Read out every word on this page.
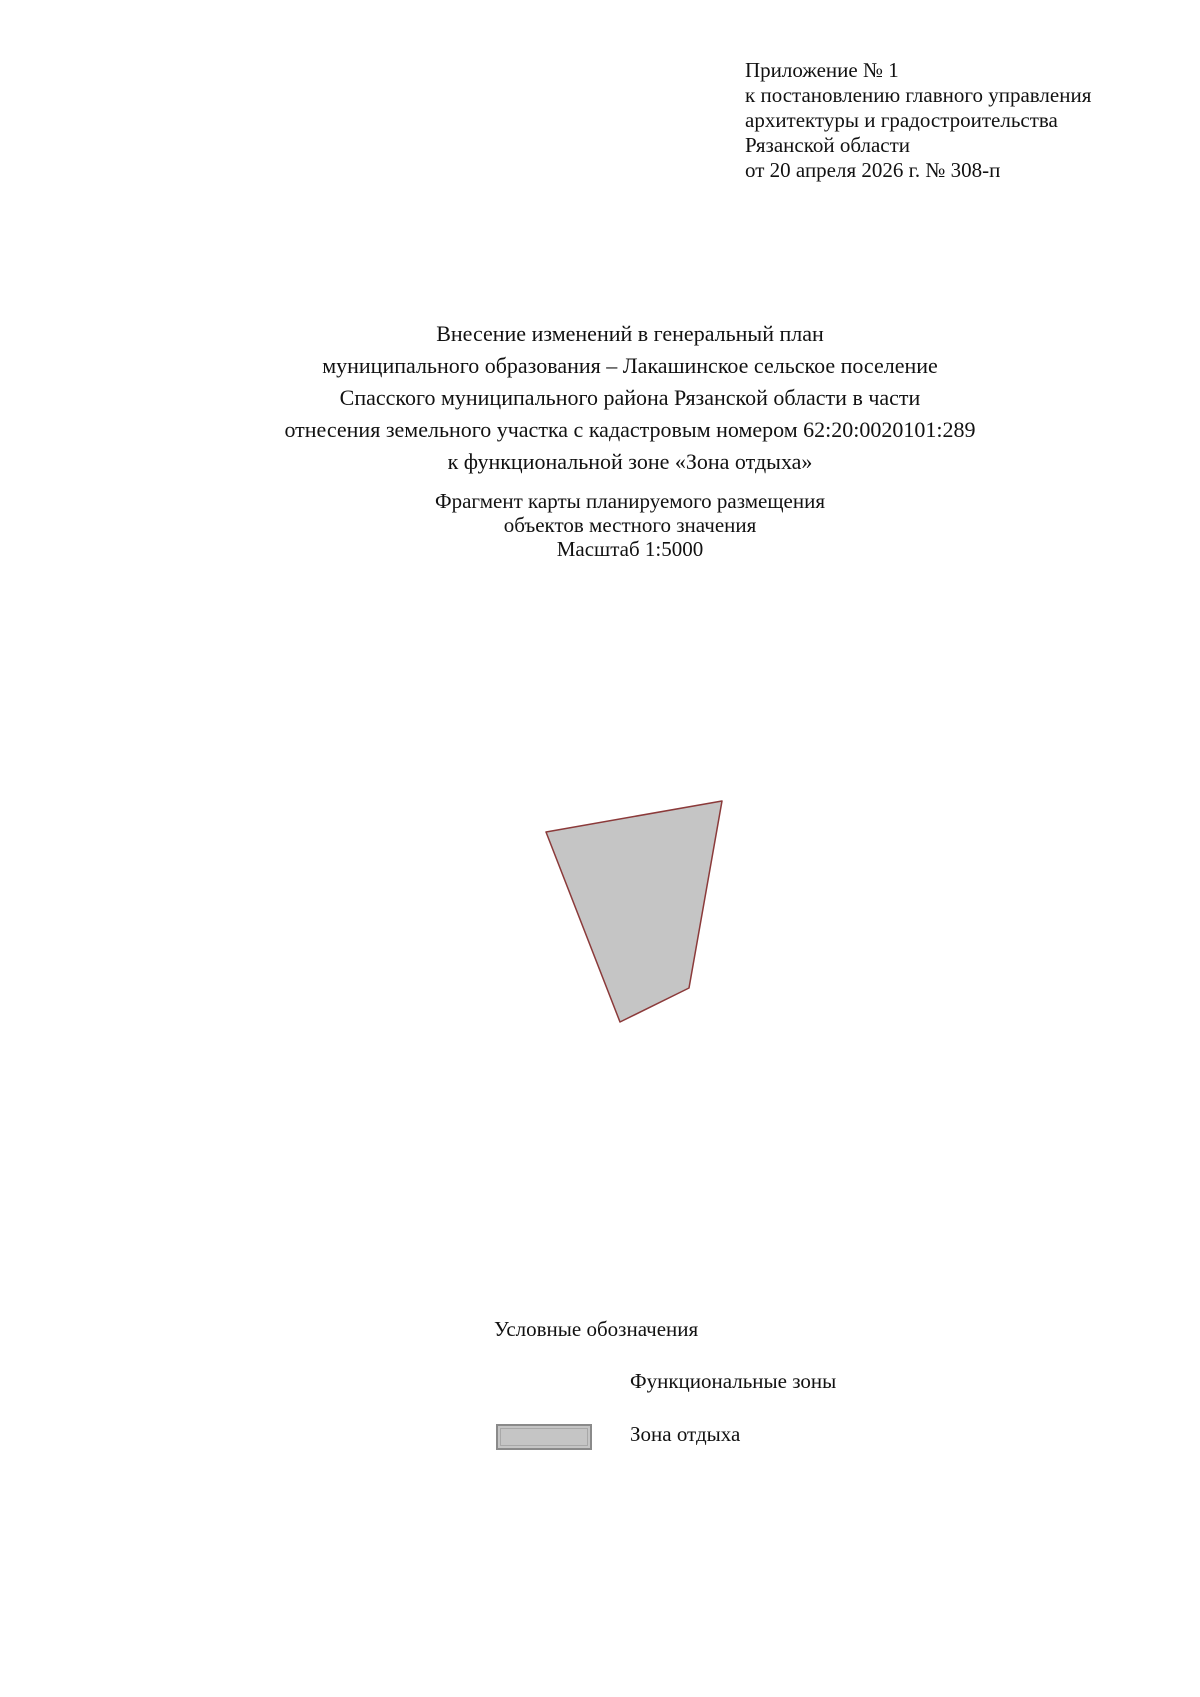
Приложение № 1
к постановлению главного управления
архитектуры и градостроительства
Рязанской области
от 20 апреля 2026 г. № 308-п
Внесение изменений в генеральный план
муниципального образования – Лакашинское сельское поселение
Спасского муниципального района Рязанской области в части
отнесения земельного участка с кадастровым номером 62:20:0020101:289
к функциональной зоне «Зона отдыха»
Фрагмент карты планируемого размещения
объектов местного значения
Масштаб 1:5000
Условные обозначения
Функциональные зоны
Зона отдыха
